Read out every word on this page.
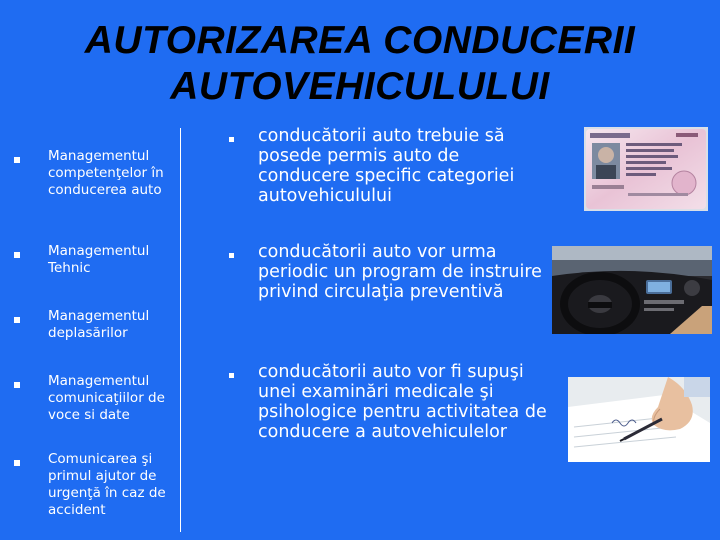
AUTORIZAREA CONDUCERII
AUTOVEHICULULUI
Managementul competenţelor în conducerea auto
Managementul Tehnic
Managementul deplasărilor
Managementul comunicaţiilor de voce si date
Comunicarea şi primul ajutor de urgenţă în caz de accident
conducătorii auto trebuie să posede permis auto de conducere specific categoriei autovehiculului
conducătorii auto vor urma periodic un program de instruire privind circulaţia preventivă
conducătorii auto vor fi supuşi unei examinări medicale şi psihologice pentru activitatea de conducere a autovehiculelor
